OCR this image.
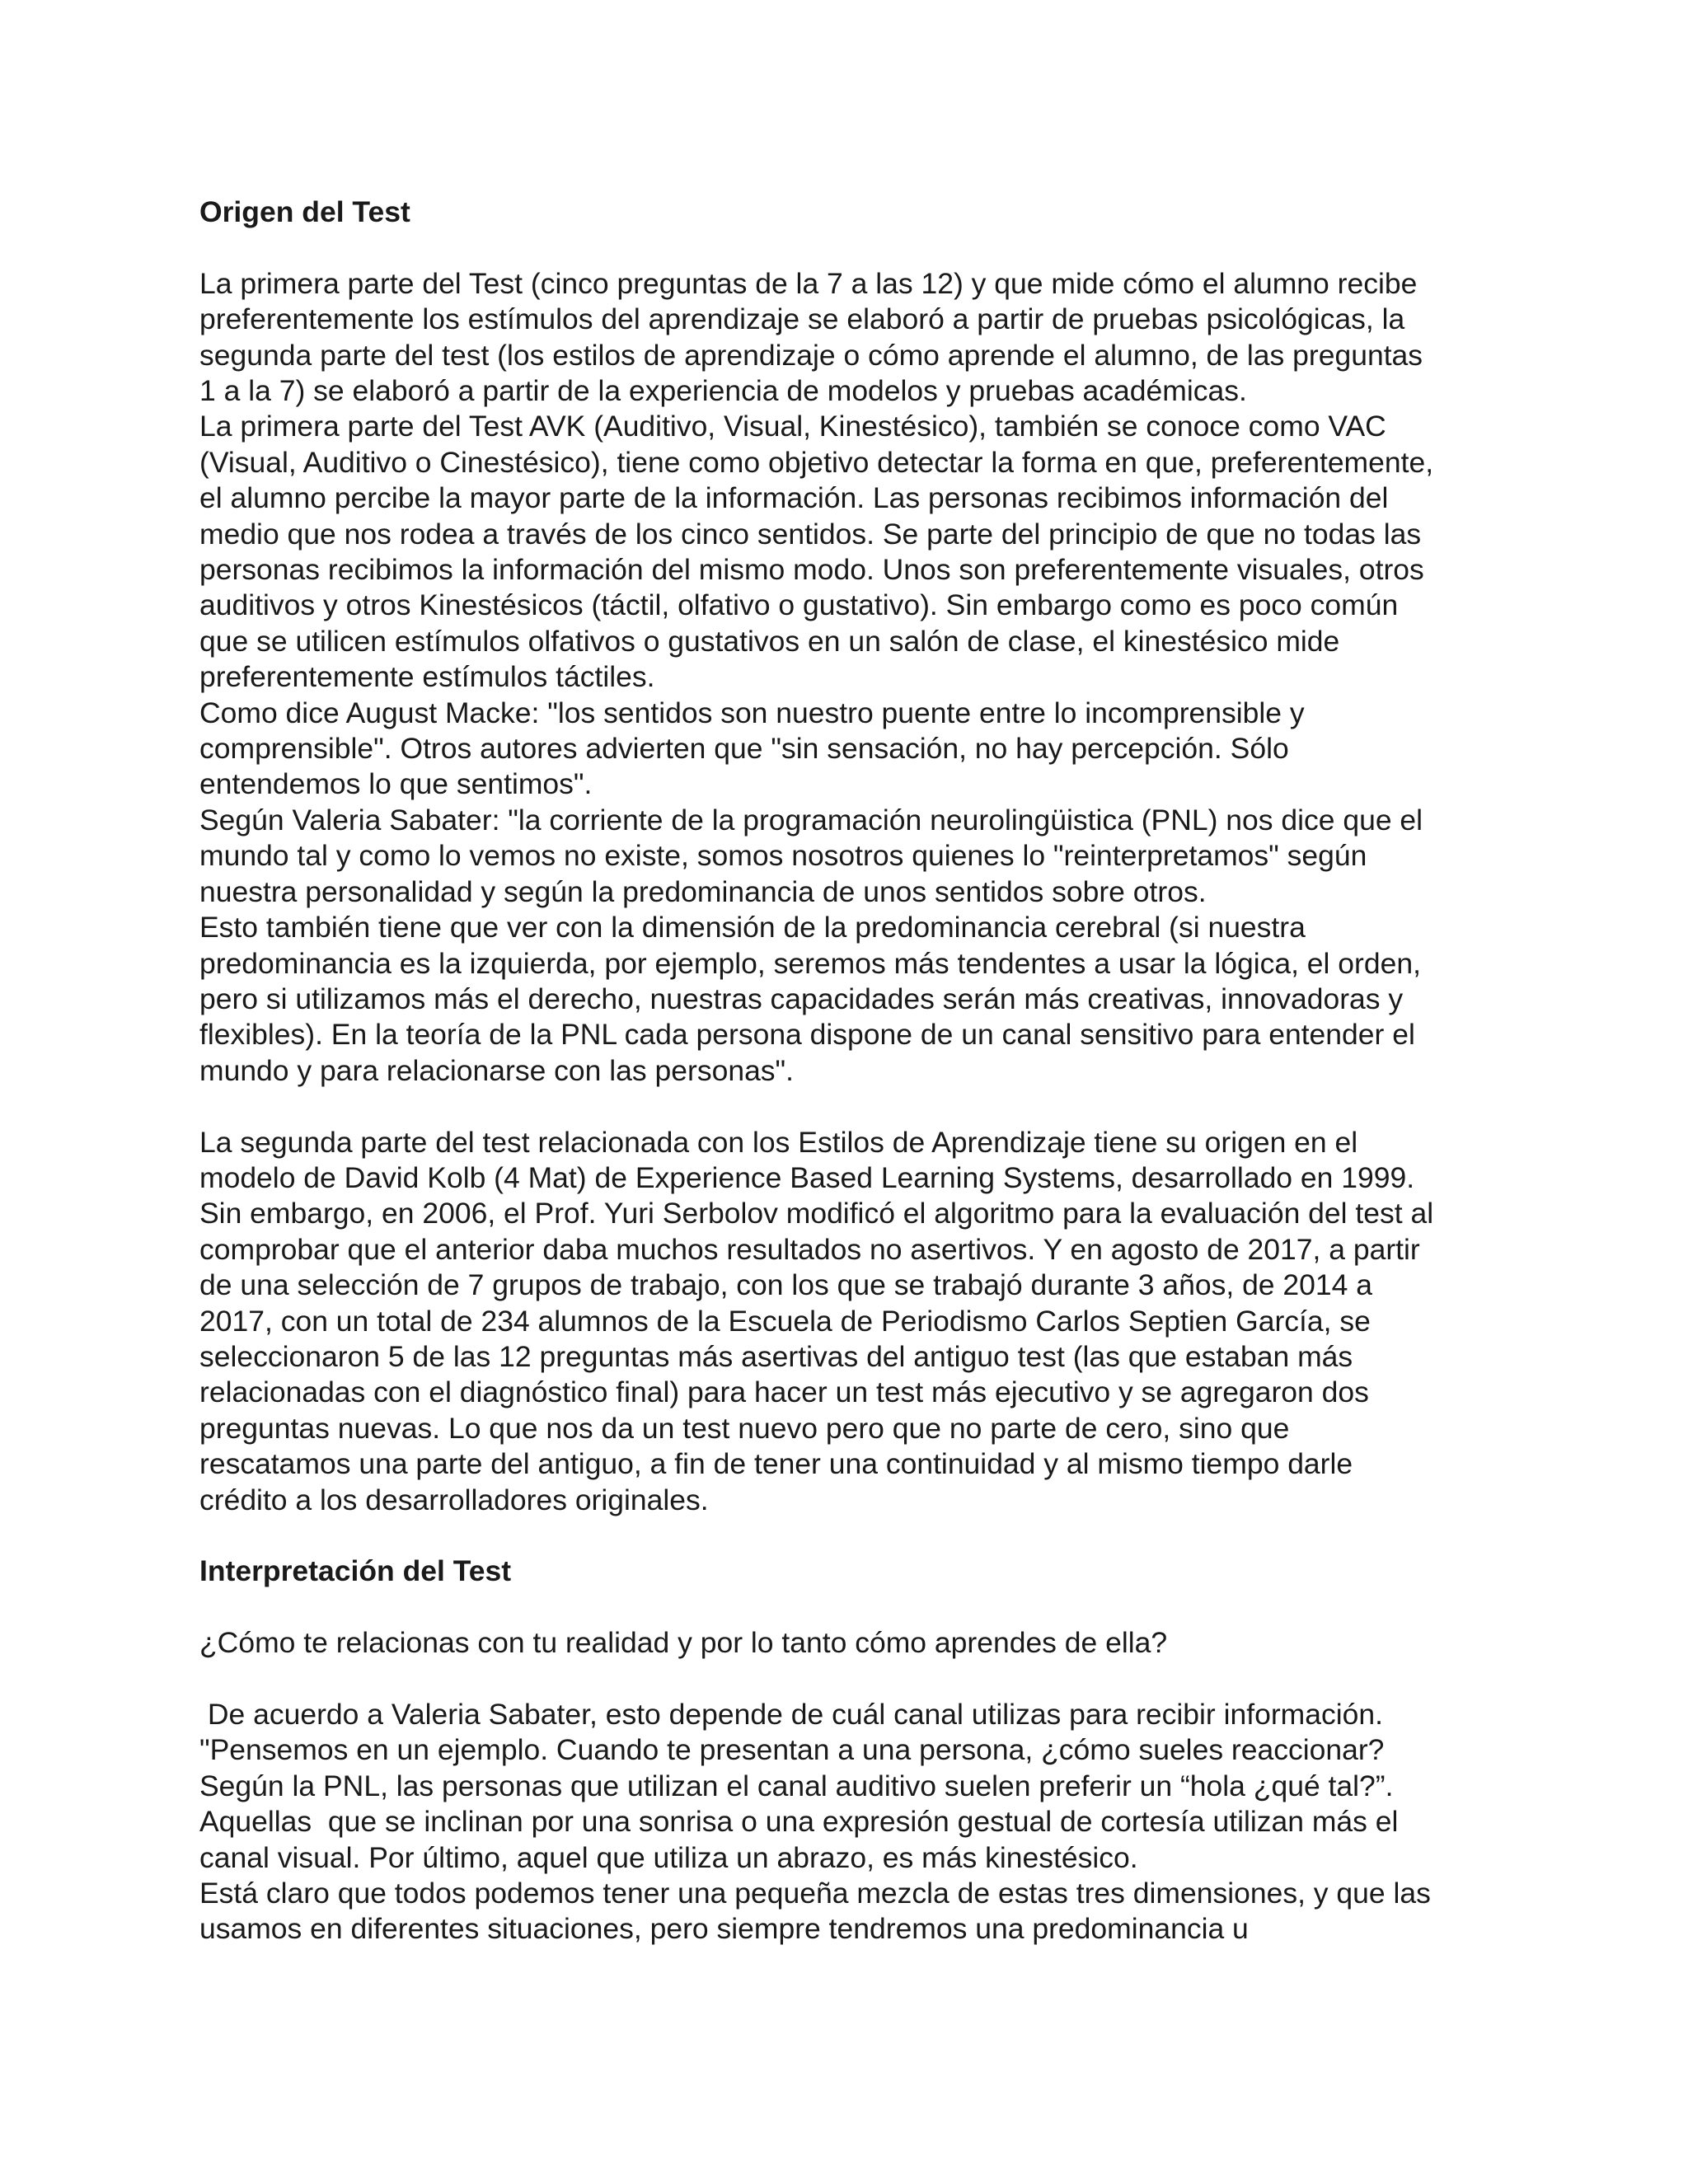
Origen del Test
La primera parte del Test (cinco preguntas de la 7 a las 12) y que mide cómo el alumno recibe
preferentemente los estímulos del aprendizaje se elaboró a partir de pruebas psicológicas, la
segunda parte del test (los estilos de aprendizaje o cómo aprende el alumno, de las preguntas
1 a la 7) se elaboró a partir de la experiencia de modelos y pruebas académicas.
La primera parte del Test AVK (Auditivo, Visual, Kinestésico), también se conoce como VAC
(Visual, Auditivo o Cinestésico), tiene como objetivo detectar la forma en que, preferentemente,
el alumno percibe la mayor parte de la información. Las personas recibimos información del
medio que nos rodea a través de los cinco sentidos. Se parte del principio de que no todas las
personas recibimos la información del mismo modo. Unos son preferentemente visuales, otros
auditivos y otros Kinestésicos (táctil, olfativo o gustativo). Sin embargo como es poco común
que se utilicen estímulos olfativos o gustativos en un salón de clase, el kinestésico mide
preferentemente estímulos táctiles.
Como dice August Macke: "los sentidos son nuestro puente entre lo incomprensible y
comprensible". Otros autores advierten que "sin sensación, no hay percepción. Sólo
entendemos lo que sentimos".
Según Valeria Sabater: "la corriente de la programación neurolingüistica (PNL) nos dice que el
mundo tal y como lo vemos no existe, somos nosotros quienes lo "reinterpretamos" según
nuestra personalidad y según la predominancia de unos sentidos sobre otros.
Esto también tiene que ver con la dimensión de la predominancia cerebral (si nuestra
predominancia es la izquierda, por ejemplo, seremos más tendentes a usar la lógica, el orden,
pero si utilizamos más el derecho, nuestras capacidades serán más creativas, innovadoras y
flexibles). En la teoría de la PNL cada persona dispone de un canal sensitivo para entender el
mundo y para relacionarse con las personas".
La segunda parte del test relacionada con los Estilos de Aprendizaje tiene su origen en el
modelo de David Kolb (4 Mat) de Experience Based Learning Systems, desarrollado en 1999.
Sin embargo, en 2006, el Prof. Yuri Serbolov modificó el algoritmo para la evaluación del test al
comprobar que el anterior daba muchos resultados no asertivos. Y en agosto de 2017, a partir
de una selección de 7 grupos de trabajo, con los que se trabajó durante 3 años, de 2014 a
2017, con un total de 234 alumnos de la Escuela de Periodismo Carlos Septien García, se
seleccionaron 5 de las 12 preguntas más asertivas del antiguo test (las que estaban más
relacionadas con el diagnóstico final) para hacer un test más ejecutivo y se agregaron dos
preguntas nuevas. Lo que nos da un test nuevo pero que no parte de cero, sino que
rescatamos una parte del antiguo, a fin de tener una continuidad y al mismo tiempo darle
crédito a los desarrolladores originales.
Interpretación del Test
¿Cómo te relacionas con tu realidad y por lo tanto cómo aprendes de ella?
De acuerdo a Valeria Sabater, esto depende de cuál canal utilizas para recibir información.
"Pensemos en un ejemplo. Cuando te presentan a una persona, ¿cómo sueles reaccionar?
Según la PNL, las personas que utilizan el canal auditivo suelen preferir un “hola ¿qué tal?”.
Aquellas  que se inclinan por una sonrisa o una expresión gestual de cortesía utilizan más el
canal visual. Por último, aquel que utiliza un abrazo, es más kinestésico.
Está claro que todos podemos tener una pequeña mezcla de estas tres dimensiones, y que las
usamos en diferentes situaciones, pero siempre tendremos una predominancia u
